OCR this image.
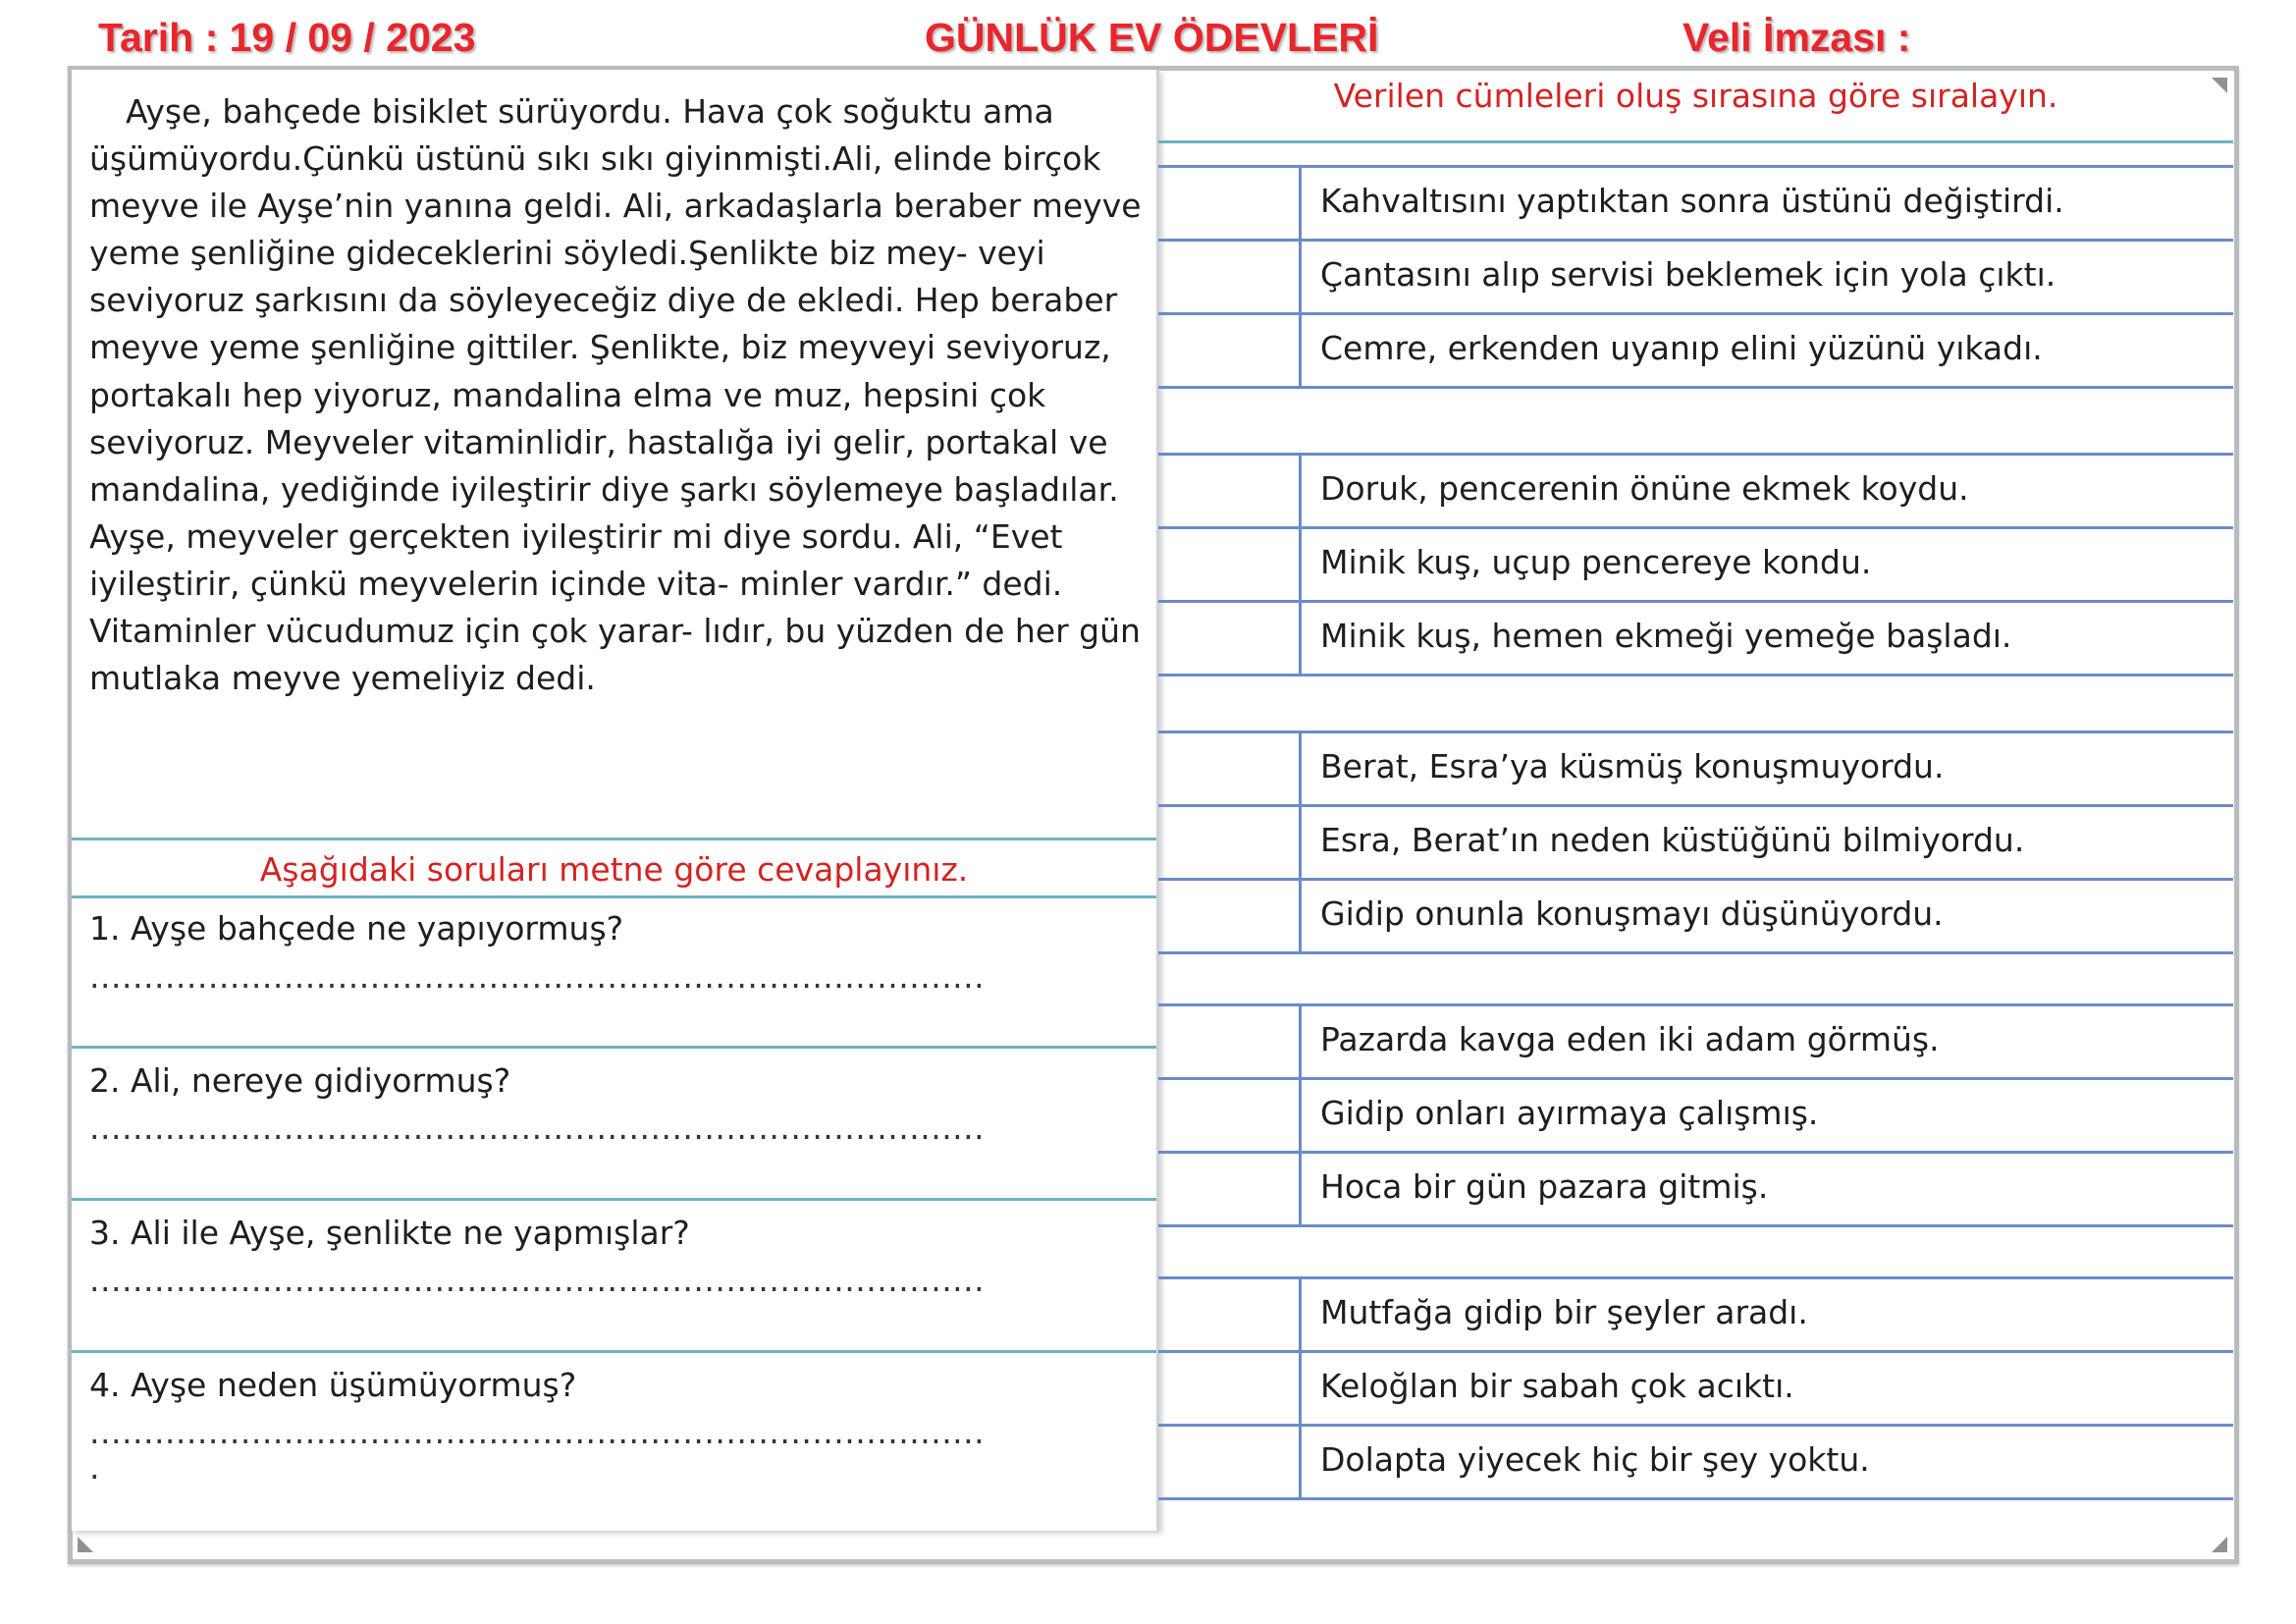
Tarih : 19 / 09 / 2023	GÜNLÜK EV ÖDEVLERİ	Veli İmzası :

Ayşe, bahçede bisiklet sürüyordu. Hava çok soğuktu ama üşümüyordu.Çünkü üstünü sıkı sıkı giyinmişti.Ali, elinde birçok meyve ile Ayşe’nin yanına geldi. Ali, arkadaşlarla beraber meyve yeme şenliğine gideceklerini söyledi.Şenlikte biz mey- veyi seviyoruz şarkısını da söyleyeceğiz diye de ekledi. Hep beraber meyve yeme şenliğine gittiler. Şenlikte, biz meyveyi seviyoruz, portakalı hep yiyoruz, mandalina elma ve muz, hepsini çok seviyoruz. Meyveler vitaminlidir, hastalığa iyi gelir, portakal ve mandalina, yediğinde iyileştirir diye şarkı söylemeye başladılar. Ayşe, meyveler gerçekten iyileştirir mi diye sordu. Ali, “Evet iyileştirir, çünkü meyvelerin içinde vita- minler vardır.” dedi. Vitaminler vücudumuz için çok yarar- lıdır, bu yüzden de her gün mutlaka meyve yemeliyiz dedi.

Aşağıdaki soruları metne göre cevaplayınız.

1. Ayşe bahçede ne yapıyormuş?

...................................................................................

2. Ali, nereye gidiyormuş?

...................................................................................

3. Ali ile Ayşe, şenlikte ne yapmışlar?

...................................................................................

4. Ayşe neden üşümüyormuş?

...................................................................................
.
Verilen cümleleri oluş sırasına göre sıralayın.
Kahvaltısını yaptıktan sonra üstünü değiştirdi.
Çantasını alıp servisi beklemek için yola çıktı.
Cemre, erkenden uyanıp elini yüzünü yıkadı.
Doruk, pencerenin önüne ekmek koydu.
Minik kuş, uçup pencereye kondu.
Minik kuş, hemen ekmeği yemeğe başladı.
Berat, Esra’ya küsmüş konuşmuyordu.
Esra, Berat’ın neden küstüğünü bilmiyordu.
Gidip onunla konuşmayı düşünüyordu.
Pazarda kavga eden iki adam görmüş.
Gidip onları ayırmaya çalışmış.
Hoca bir gün pazara gitmiş.
Mutfağa gidip bir şeyler aradı.
Keloğlan bir sabah çok acıktı.
Dolapta yiyecek hiç bir şey yoktu.
